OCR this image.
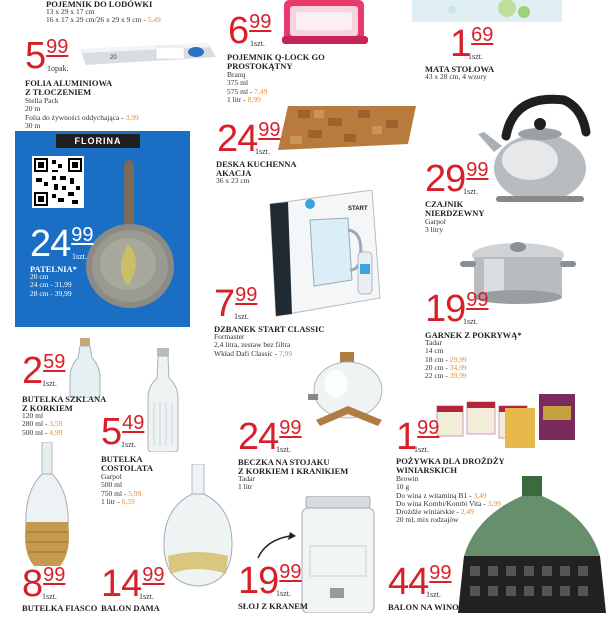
POJEMNIK DO LODÓWKI
13 x 29 x 17 cm
16 x 17 x 29 cm/26 x 29 x 9 cm - 5,49 699
1szt.
POJEMNIK Q-LOCK GO
PROSTOKĄTNY
Branq
375 ml
575 ml - 7,49
1 litr - 8,99
169
1szt.
MATA STOŁOWA
43 x 28 cm, 4 wzory
599
1opak.
20
FOLIA ALUMINIOWA
Z TŁOCZENIEM
Stella Pack
20 m
Folia do żywności oddychająca - 3,99
30 m	2499
1szt.
DESKA KUCHENNA
AKACJA
36 x 23 cm	2999
1szt.
CZAJNIK
NIERDZEWNY
Garpol
3 litry
FLORINA
2499
1szt.
PATELNIA*
20 cm
24 cm - 31,99
28 cm - 39,99
START
799
1szt.
DZBANEK START CLASSIC
Formaster
2,4 litra, zestaw bez filtra
Wkład Dafi Classic - 7,99
1999
1szt.
GARNEK Z POKRYWĄ*
Tadar
14 cm
18 cm - 29,99
20 cm - 34,99
22 cm - 39,99
259
1szt.
BUTELKA SZKLANA
Z KORKIEM
120 ml
280 ml - 3,59
500 ml - 4,99 549
1szt.
BUTELKA
COSTOLATA
Garpol
500 ml
750 ml - 5,99
1 litr - 6,59
2499
1szt.
BECZKA NA STOJAKU
Z KORKIEM I KRANIKIEM
Tadar
1 litr
199
1szt.
POŻYWKA DLA DROŻDŻY
WINIARSKICH
Browin
10 g
Do wina z witaminą B1 - 3,49
Do wina Kombi/Kombi Vita - 3,99
Drożdże winiarskie - 2,49
20 ml, mix rodzajów
899
1szt.
BUTELKA FIASCO
1499
1szt.
BALON DAMA
1999
1szt.
SŁOJ Z KRANEM
4499
1szt.
BALON NA WINO
